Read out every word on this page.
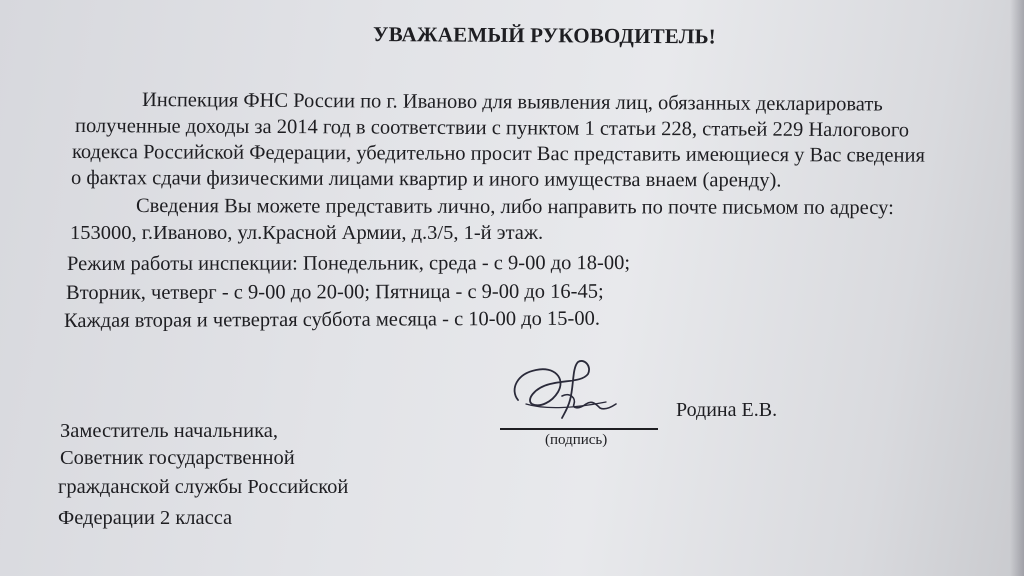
УВАЖАЕМЫЙ РУКОВОДИТЕЛЬ!
Инспекция ФНС России по г. Иваново для выявления лиц, обязанных декларировать
полученные доходы за 2014 год в соответствии с пунктом 1 статьи 228, статьей 229 Налогового
кодекса Российской Федерации, убедительно просит Вас представить имеющиеся у Вас сведения
о фактах сдачи физическими лицами квартир и иного имущества внаем (аренду).
Сведения Вы можете представить лично, либо направить по почте письмом по адресу:
153000, г.Иваново, ул.Красной Армии, д.3/5, 1-й этаж.
Режим работы инспекции: Понедельник, среда - с 9-00 до 18-00;
Вторник, четверг - с 9-00 до 20-00; Пятница - с 9-00 до 16-45;
Каждая вторая и четвертая суббота месяца - с 10-00 до 15-00.
(подпись)
Родина Е.В.
Заместитель начальника,
Советник государственной
гражданской службы Российской
Федерации 2 класса
